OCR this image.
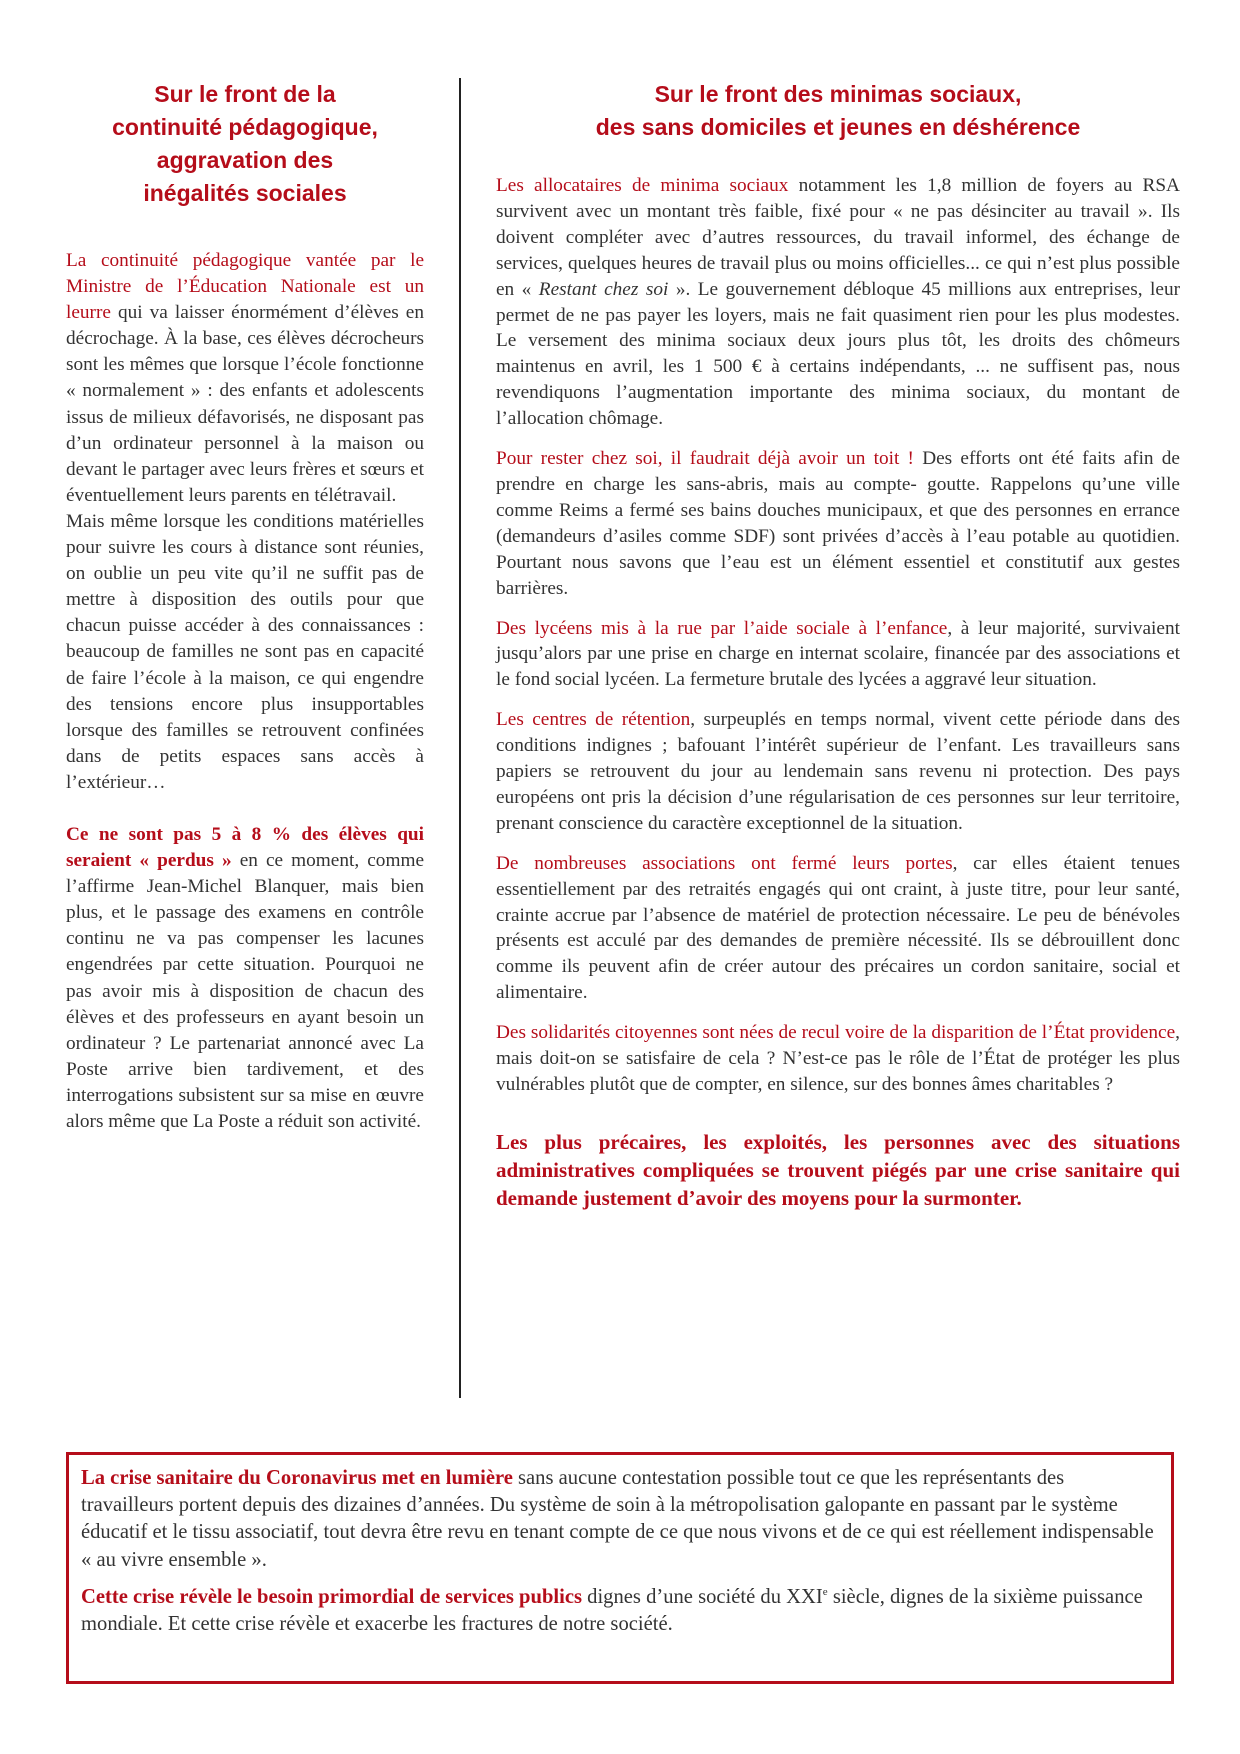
Sur le front de la
continuité pédagogique,
aggravation des
inégalités sociales

La continuité pédagogique vantée par le Ministre de l’Éducation Nationale est un leurre qui va laisser énormément d’élèves en décrochage. À la base, ces élèves décrocheurs sont les mêmes que lorsque l’école fonctionne « normalement » : des enfants et adolescents issus de milieux défavorisés, ne disposant pas d’un ordinateur personnel à la maison ou devant le partager avec leurs frères et sœurs et éventuellement leurs parents en télétravail.

Mais même lorsque les conditions matérielles pour suivre les cours à distance sont réunies, on oublie un peu vite qu’il ne suffit pas de mettre à disposition des outils pour que chacun puisse accéder à des connaissances : beaucoup de familles ne sont pas en capacité de faire l’école à la maison, ce qui engendre des tensions encore plus insupportables lorsque des familles se retrouvent confinées dans de petits espaces sans accès à l’extérieur…

Ce ne sont pas 5 à 8 % des élèves qui seraient « perdus » en ce moment, comme l’affirme Jean-Michel Blanquer, mais bien plus, et le passage des examens en contrôle continu ne va pas compenser les lacunes engendrées par cette situation. Pourquoi ne pas avoir mis à disposition de chacun des élèves et des professeurs en ayant besoin un ordinateur ? Le partenariat annoncé avec La Poste arrive bien tardivement, et des interrogations subsistent sur sa mise en œuvre alors même que La Poste a réduit son activité.

Sur le front des minimas sociaux,
des sans domiciles et jeunes en déshérence

Les allocataires de minima sociaux notamment les 1,8 million de foyers au RSA survivent avec un montant très faible, fixé pour « ne pas désinciter au travail ». Ils doivent compléter avec d’autres ressources, du travail informel, des échange de services, quelques heures de travail plus ou moins officielles... ce qui n’est plus possible en « Restant chez soi ». Le gouvernement débloque 45 millions aux entreprises, leur permet de ne pas payer les loyers, mais ne fait quasiment rien pour les plus modestes. Le versement des minima sociaux deux jours plus tôt, les droits des chômeurs maintenus en avril, les 1 500 € à certains indépendants, ... ne suffisent pas, nous revendiquons l’augmentation importante des minima sociaux, du montant de l’allocation chômage.

Pour rester chez soi, il faudrait déjà avoir un toit ! Des efforts ont été faits afin de prendre en charge les sans-abris, mais au compte- goutte. Rappelons qu’une ville comme Reims a fermé ses bains douches municipaux, et que des personnes en errance (demandeurs d’asiles comme SDF) sont privées d’accès à l’eau potable au quotidien. Pourtant nous savons que l’eau est un élément essentiel et constitutif aux gestes barrières.

Des lycéens mis à la rue par l’aide sociale à l’enfance, à leur majorité, survivaient jusqu’alors par une prise en charge en internat scolaire, financée par des associations et le fond social lycéen. La fermeture brutale des lycées a aggravé leur situation.

Les centres de rétention, surpeuplés en temps normal, vivent cette période dans des conditions indignes ; bafouant l’intérêt supérieur de l’enfant. Les travailleurs sans papiers se retrouvent du jour au lendemain sans revenu ni protection. Des pays européens ont pris la décision d’une régularisation de ces personnes sur leur territoire, prenant conscience du caractère exceptionnel de la situation.

De nombreuses associations ont fermé leurs portes, car elles étaient tenues essentiellement par des retraités engagés qui ont craint, à juste titre, pour leur santé, crainte accrue par l’absence de matériel de protection nécessaire. Le peu de bénévoles présents est acculé par des demandes de première nécessité. Ils se débrouillent donc comme ils peuvent afin de créer autour des précaires un cordon sanitaire, social et alimentaire.

Des solidarités citoyennes sont nées de recul voire de la disparition de l’État providence, mais doit-on se satisfaire de cela ? N’est-ce pas le rôle de l’État de protéger les plus vulnérables plutôt que de compter, en silence, sur des bonnes âmes charitables ?

Les plus précaires, les exploités, les personnes avec des situations administratives compliquées se trouvent piégés par une crise sanitaire qui demande justement d’avoir des moyens pour la surmonter.

La crise sanitaire du Coronavirus met en lumière sans aucune contestation possible tout ce que les représentants des travailleurs portent depuis des dizaines d’années. Du système de soin à la métropolisation galopante en passant par le système éducatif et le tissu associatif, tout devra être revu en tenant compte de ce que nous vivons et de ce qui est réellement indispensable « au vivre ensemble ».

Cette crise révèle le besoin primordial de services publics dignes d’une société du XXIe siècle, dignes de la sixième puissance mondiale. Et cette crise révèle et exacerbe les fractures de notre société.
